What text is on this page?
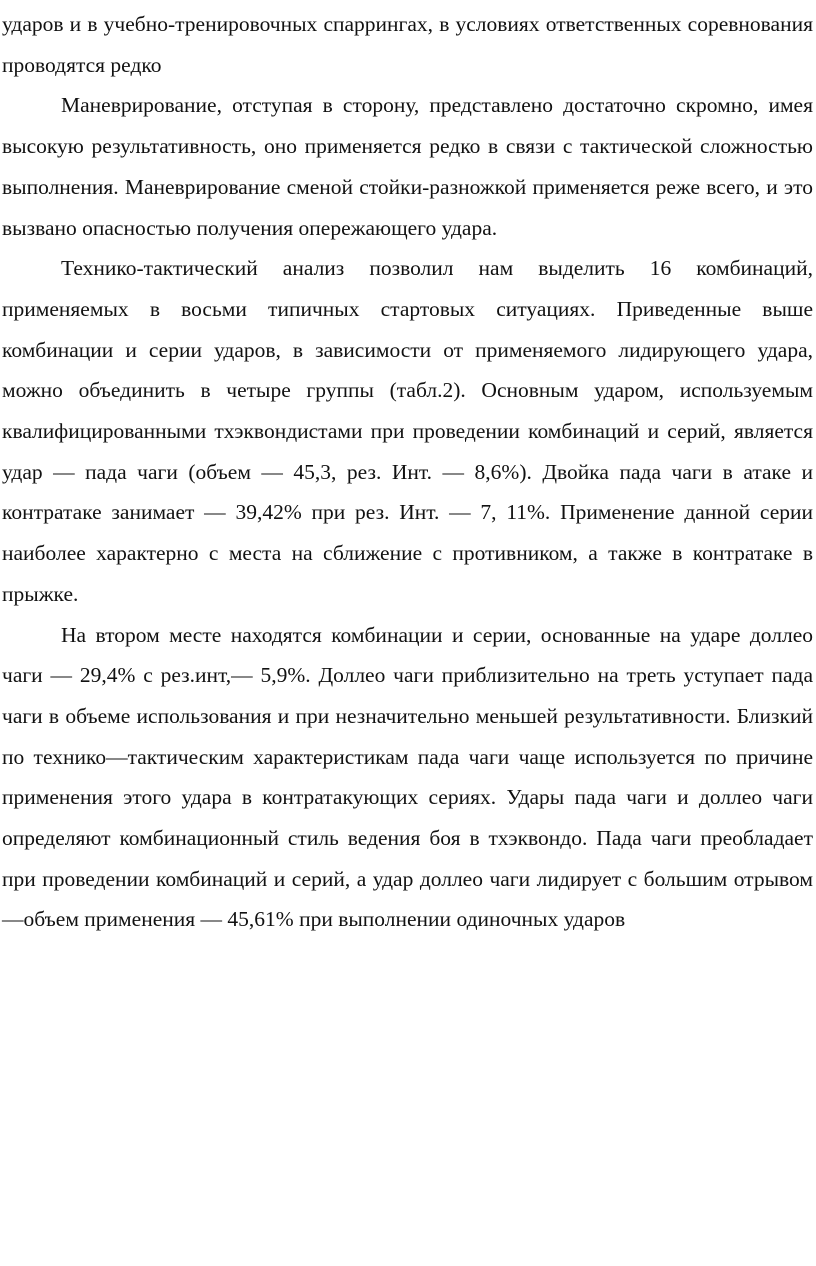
ударов и в учебно-тренировочных спаррингах, в условиях ответственных соревнования проводятся редко

Маневрирование, отступая в сторону, представлено достаточно скромно, имея высокую результативность, оно применяется редко в связи с тактической сложностью выполнения. Маневрирование сменой стойки-разножкой применяется реже всего, и это вызвано опасностью получения опережающего удара.

Технико-тактический анализ позволил нам выделить 16 комбинаций, применяемых в восьми типичных стартовых ситуациях. Приведенные выше комбинации и серии ударов, в зависимости от применяемого лидирующего удара, можно объединить в четыре группы (табл.2). Основным ударом, используемым квалифицированными тхэквондистами при проведении комбинаций и серий, является удар — пада чаги (объем — 45,3, рез. Инт. — 8,6%). Двойка пада чаги в атаке и контратаке занимает — 39,42% при рез. Инт. — 7, 11%. Применение данной серии наиболее характерно с места на сближение с противником, а также в контратаке в прыжке.

На втором месте находятся комбинации и серии, основанные на ударе доллео чаги — 29,4% с рез.инт,— 5,9%. Доллео чаги приблизительно на треть уступает пада чаги в объеме использования и при незначительно меньшей результативности. Близкий по технико—тактическим характеристикам пада чаги чаще используется по причине применения этого удара в контратакующих сериях. Удары пада чаги и доллео чаги определяют комбинационный стиль ведения боя в тхэквондо. Пада чаги преобладает при проведении комбинаций и серий, а удар доллео чаги лидирует с большим отрывом —объем применения — 45,61% при выполнении одиночных ударов
